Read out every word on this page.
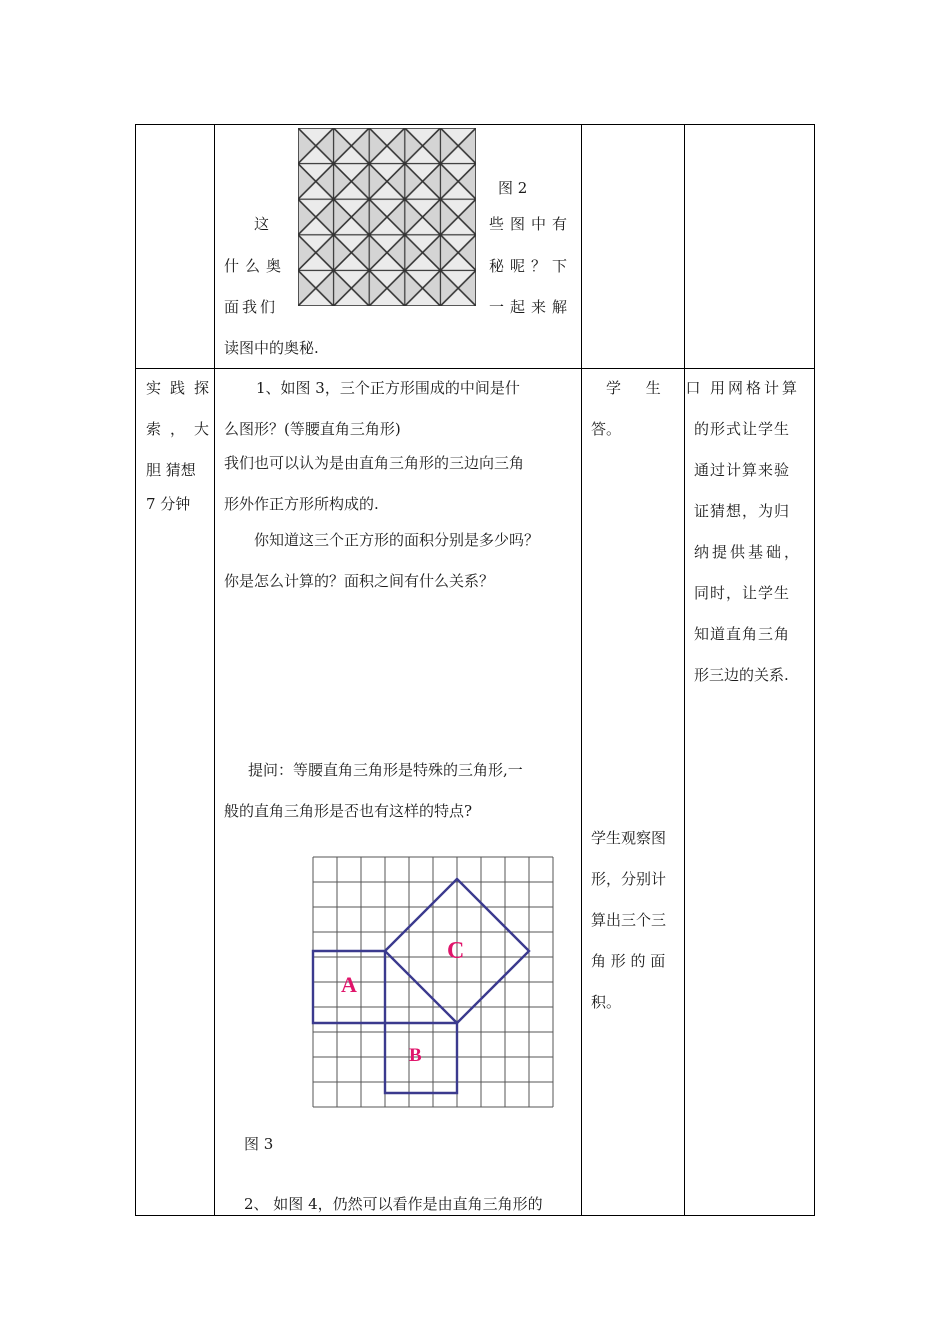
图 2
这
什么奥
面我们
些图中有
秘呢？下
一起来解
读图中的奥秘.
实践探
索，大
胆 猜想
7 分钟
1、如图 3，三个正方形围成的中间是什
么图形？(等腰直角三角形)
我们也可以认为是由直角三角形的三边向三角
形外作正方形所构成的.
你知道这三个正方形的面积分别是多少吗？
你是怎么计算的？面积之间有什么关系？
提问：等腰直角三角形是特殊的三角形,一
般的直角三角形是否也有这样的特点?
A
B
C
图 3
2、 如图 4，仍然可以看作是由直角三角形的
学 生 口
答。
学生观察图
形，分别计
算出三个三
角 形 的 面
积。
用网格计算
的形式让学生
通过计算来验
证猜想，为归
纳提供基础，
同时，让学生
知道直角三角
形三边的关系.
